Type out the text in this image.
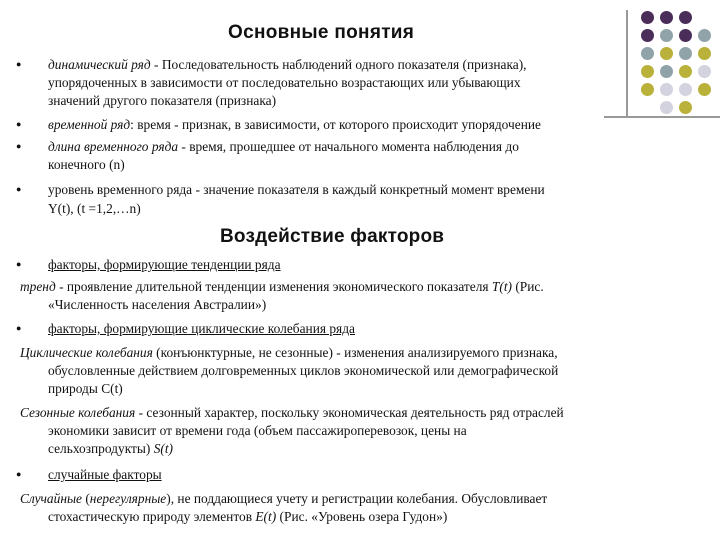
Основные понятия
● динамический ряд - Последовательность наблюдений одного показателя (признака),
упорядоченных в зависимости от последовательно возрастающих или убывающих
значений другого показателя (признака)
● временной ряд: время - признак, в зависимости, от которого происходит упорядочение
● длина временного ряда - время, прошедшее от начального момента наблюдения до
конечного (n)
● уровень временного ряда - значение показателя в каждый конкретный момент времени
Y(t), (t =1,2,…n)
Воздействие факторов
● факторы, формирующие тенденции ряда
тренд - проявление длительной тенденции изменения экономического показателя T(t) (Рис.
«Численность населения Австралии»)
● факторы, формирующие циклические колебания ряда
Циклические колебания (конъюнктурные, не сезонные) - изменения анализируемого признака,
обусловленные действием долговременных циклов экономической или демографической
природы С(t)
Сезонные колебания - сезонный характер, поскольку экономическая деятельность ряд отраслей
экономики зависит от времени года (объем пассажироперевозок, цены на
сельхозпродукты) S(t)
● случайные факторы
Случайные (нерегулярные), не поддающиеся учету и регистрации колебания. Обусловливает
стохастическую природу элементов E(t) (Рис. «Уровень озера Гудон»)
